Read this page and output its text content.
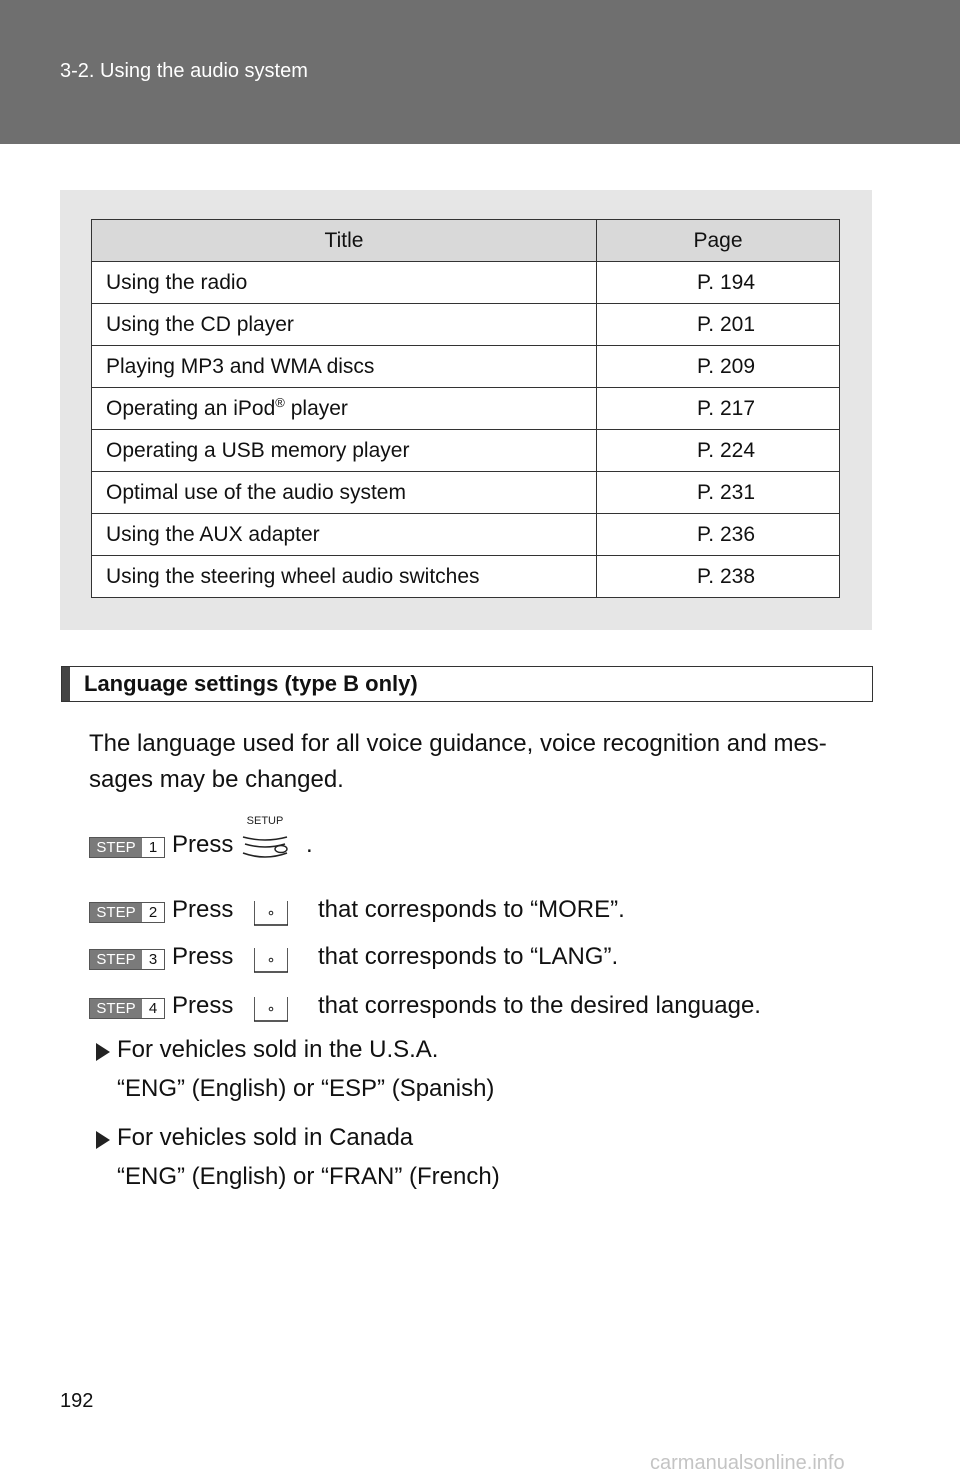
3-2. Using the audio system
Title	Page
Using the radio	P. 194
Using the CD player	P. 201
Playing MP3 and WMA discs	P. 209
Operating an iPod® player	P. 217
Operating a USB memory player	P. 224
Optimal use of the audio system	P. 231
Using the AUX adapter	P. 236
Using the steering wheel audio switches	P. 238
Language settings (type B only)
The language used for all voice guidance, voice recognition and mes-
sages may be changed.
STEP 1 Press
SETUP
.
STEP 2 Press	that corresponds to “MORE”.
STEP 3 Press	that corresponds to “LANG”.
STEP 4 Press	that corresponds to the desired language.
For vehicles sold in the U.S.A.
“ENG” (English) or “ESP” (Spanish)
For vehicles sold in Canada
“ENG” (English) or “FRAN” (French)
192
carmanualsonline.info
